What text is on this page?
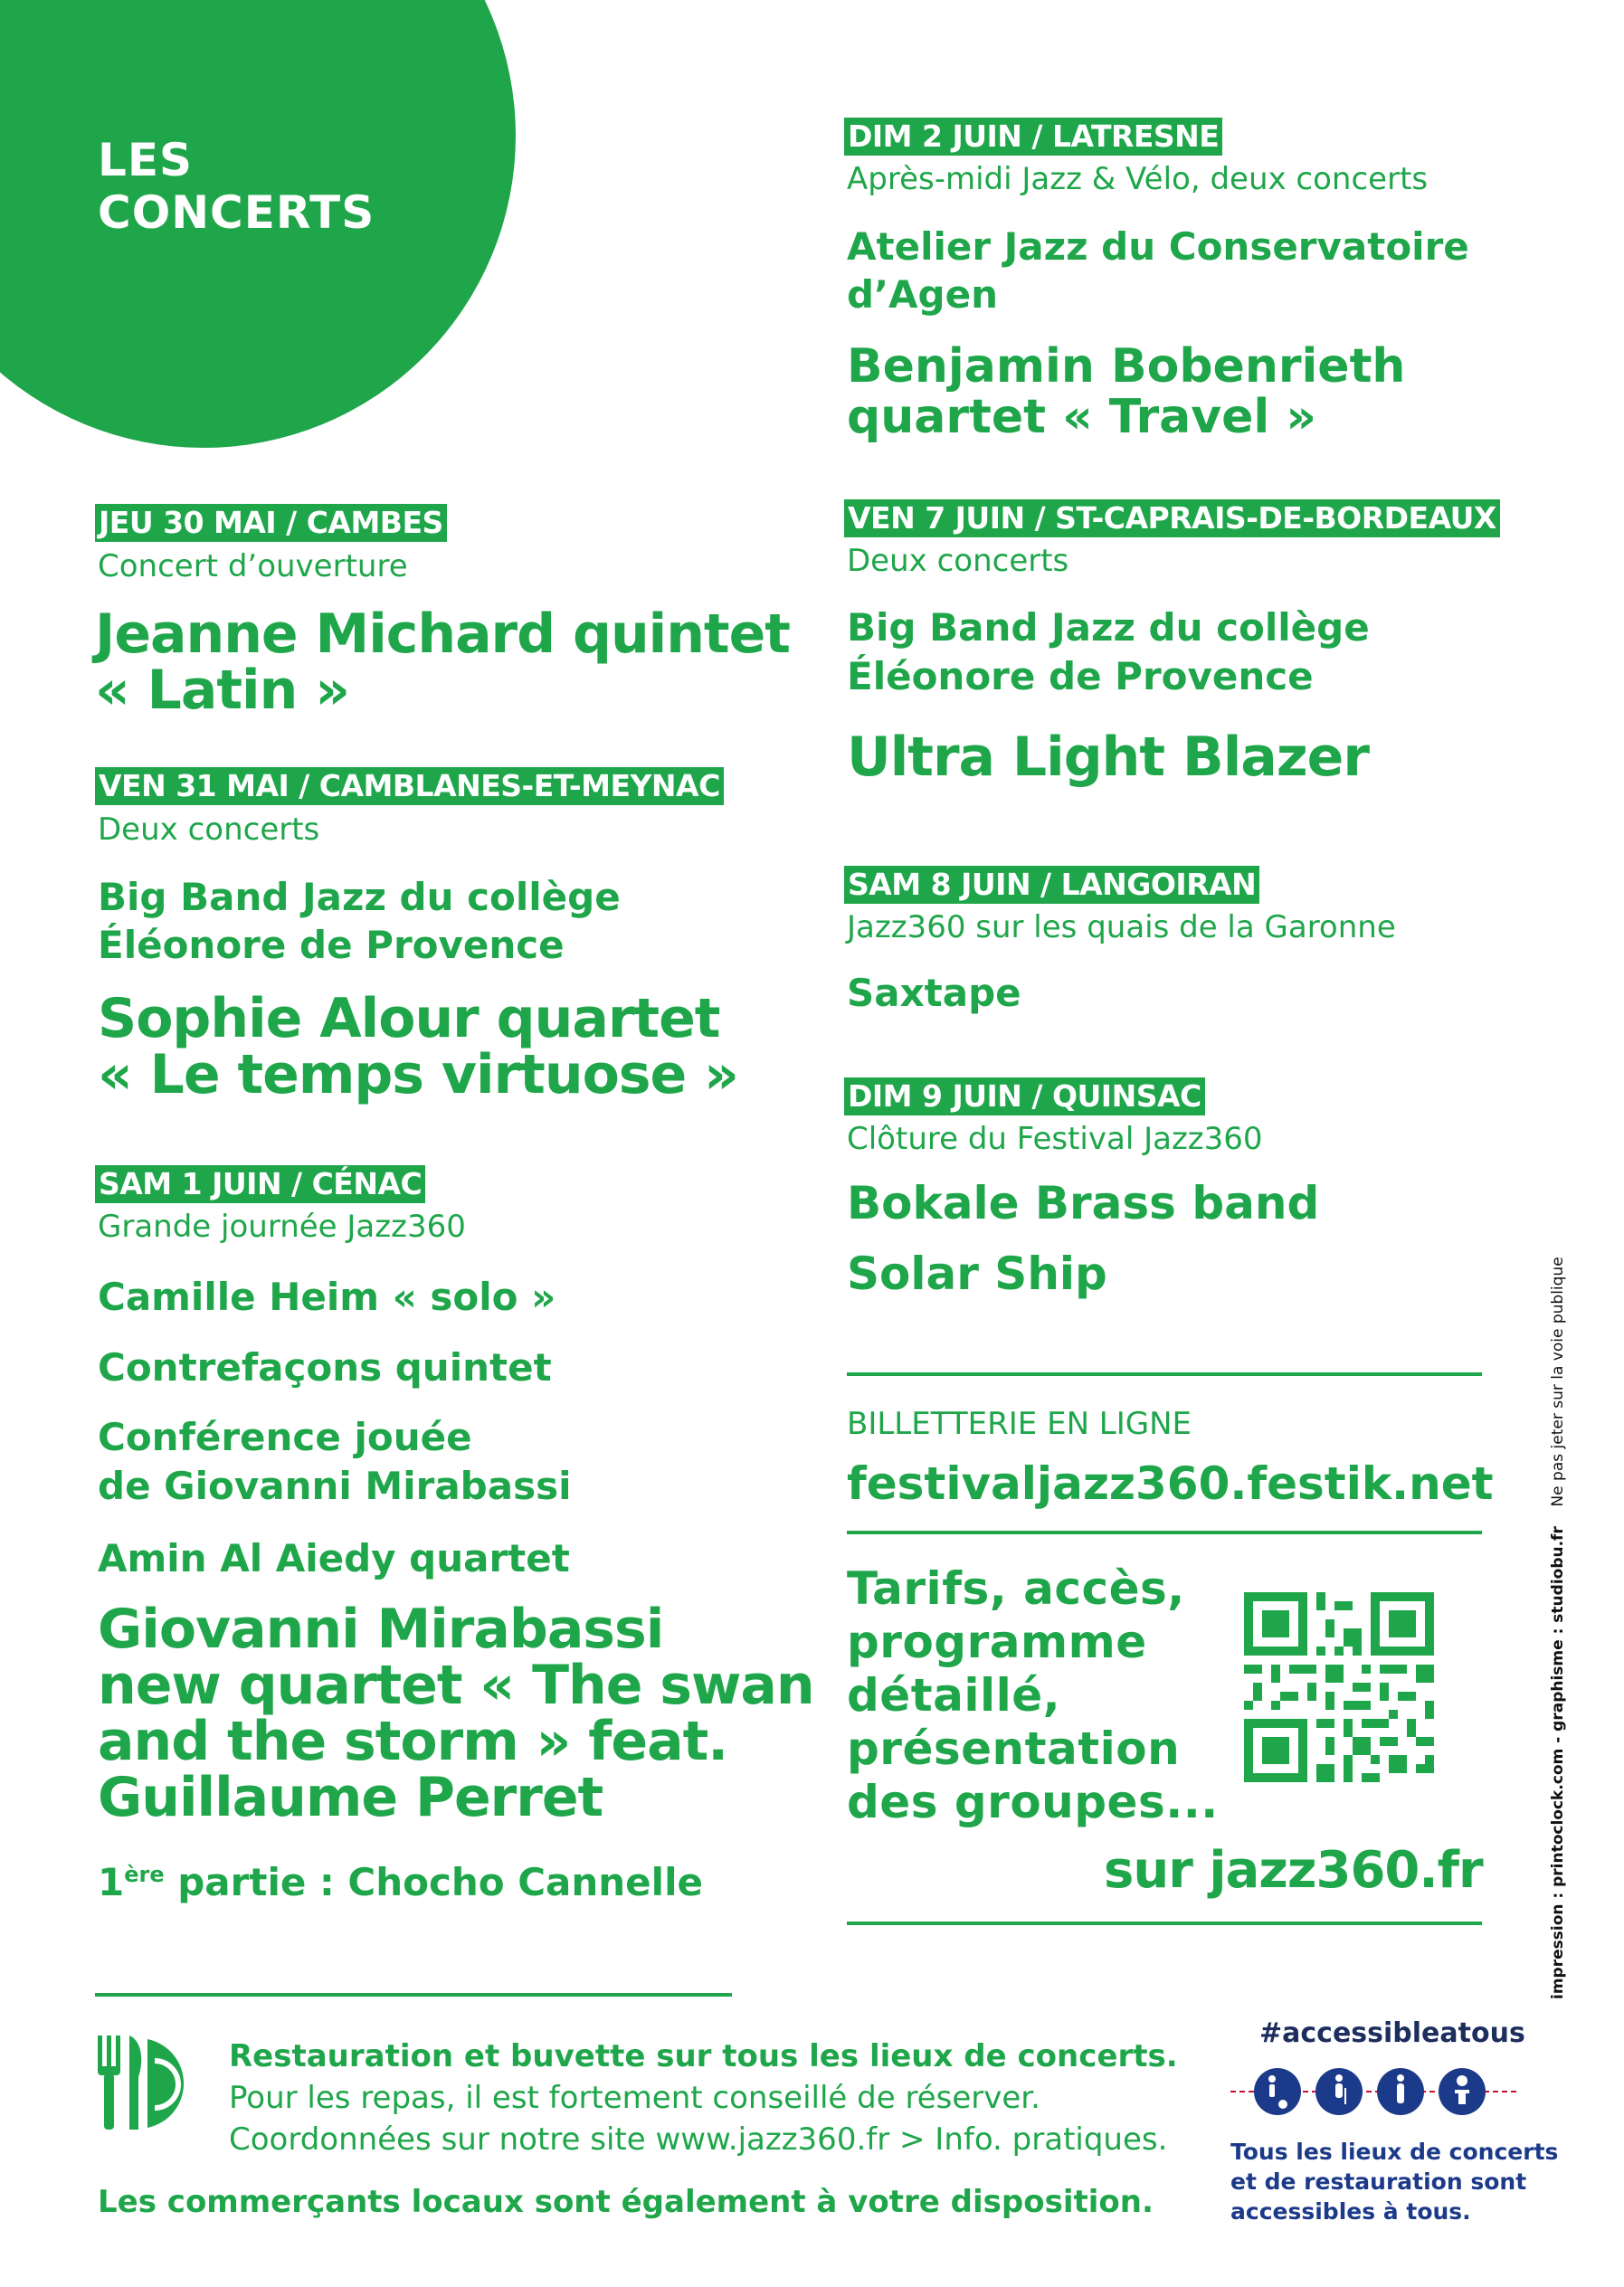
LES
CONCERTS
JEU 30 MAI / CAMBES
Concert d’ouverture
Jeanne Michard quintet
« Latin »
VEN 31 MAI / CAMBLANES-ET-MEYNAC
Deux concerts
Big Band Jazz du collège
Éléonore de Provence
Sophie Alour quartet
« Le temps virtuose »
SAM 1 JUIN / CÉNAC
Grande journée Jazz360
Camille Heim « solo »
Contrefaçons quintet
Conférence jouée
de Giovanni Mirabassi
Amin Al Aiedy quartet
Giovanni Mirabassi
new quartet « The swan
and the storm » feat.
Guillaume Perret
1ère partie : Chocho Cannelle
DIM 2 JUIN / LATRESNE
Après-midi Jazz & Vélo, deux concerts
Atelier Jazz du Conservatoire
d’Agen
Benjamin Bobenrieth
quartet « Travel »
VEN 7 JUIN / ST-CAPRAIS-DE-BORDEAUX
Deux concerts
Big Band Jazz du collège
Éléonore de Provence
Ultra Light Blazer
SAM 8 JUIN / LANGOIRAN
Jazz360 sur les quais de la Garonne
Saxtape
DIM 9 JUIN / QUINSAC
Clôture du Festival Jazz360
Bokale Brass band
Solar Ship
BILLETTERIE EN LIGNE
festivaljazz360.festik.net
Tarifs, accès,
programme
détaillé,
présentation
des groupes...
sur jazz360.fr
Restauration et buvette sur tous les lieux de concerts.
Pour les repas, il est fortement conseillé de réserver.
Coordonnées sur notre site www.jazz360.fr > Info. pratiques.
Les commerçants locaux sont également à votre disposition.
#accessibleatous
Tous les lieux de concerts
et de restauration sont
accessibles à tous.
impression : printoclock.com - graphisme : studiobu.fr    Ne pas jeter sur la voie publique
